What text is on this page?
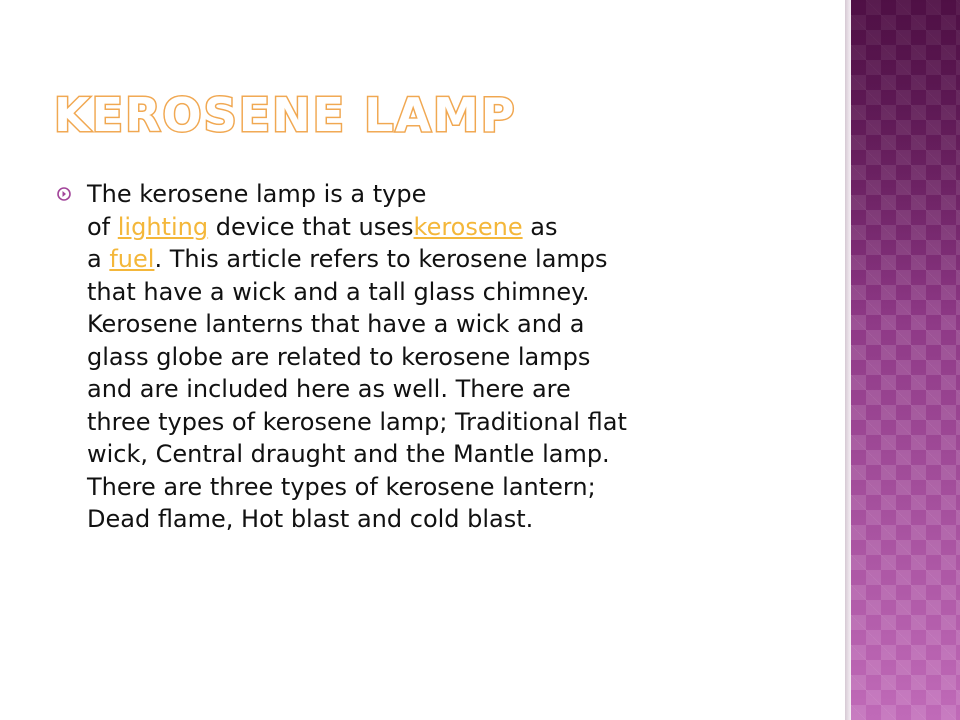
KEROSENE LAMP

The kerosene lamp is a type
of lighting device that useskerosene as
a fuel. This article refers to kerosene lamps
that have a wick and a tall glass chimney.
Kerosene lanterns that have a wick and a
glass globe are related to kerosene lamps
and are included here as well. There are
three types of kerosene lamp; Traditional flat
wick, Central draught and the Mantle lamp.
There are three types of kerosene lantern;
Dead flame, Hot blast and cold blast.
